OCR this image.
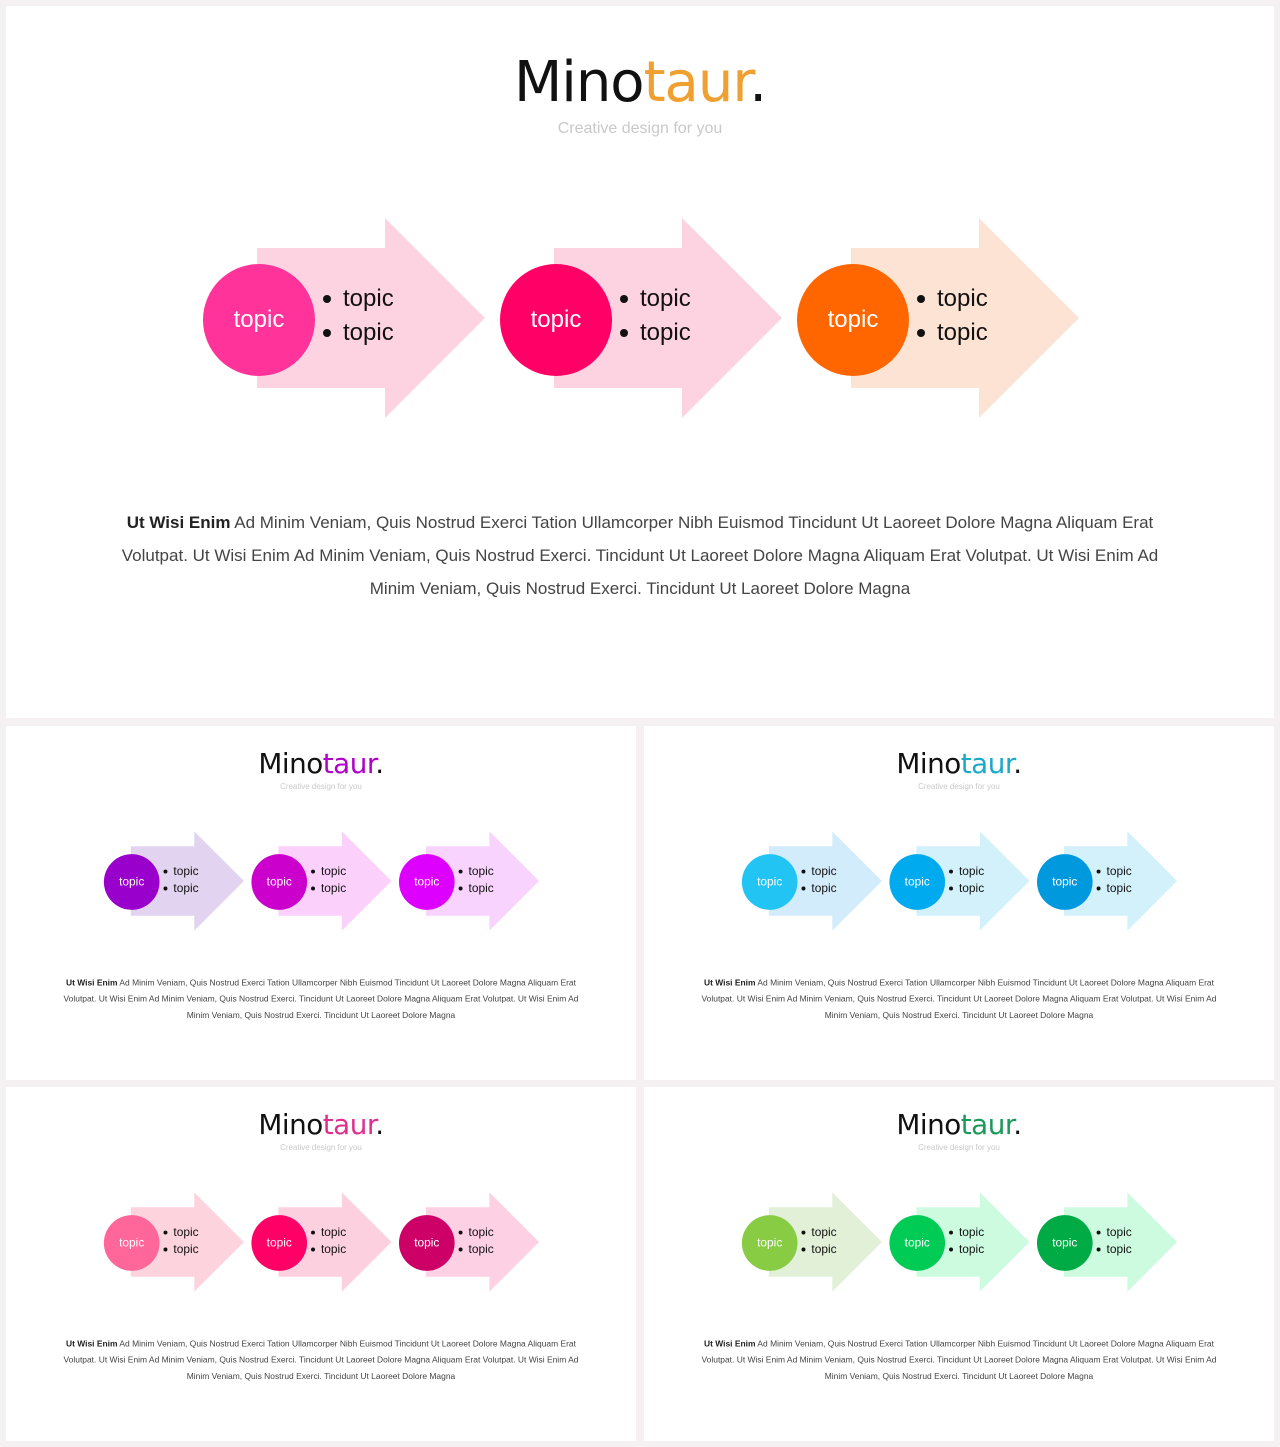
Minotaur.
Creative design for you
topic
topic
topic	topic
topic
topic	topic
topic
topic
Ut Wisi Enim Ad Minim Veniam, Quis Nostrud Exerci Tation Ullamcorper Nibh Euismod Tincidunt Ut Laoreet Dolore Magna Aliquam Erat Volutpat. Ut Wisi Enim Ad Minim Veniam, Quis Nostrud Exerci. Tincidunt Ut Laoreet Dolore Magna Aliquam Erat Volutpat. Ut Wisi Enim Ad Minim Veniam, Quis Nostrud Exerci. Tincidunt Ut Laoreet Dolore Magna
Minotaur.
Creative design for you
topic
topic
topic	topic
topic
topic	topic
topic
topic
Ut Wisi Enim Ad Minim Veniam, Quis Nostrud Exerci Tation Ullamcorper Nibh Euismod Tincidunt Ut Laoreet Dolore Magna Aliquam Erat Volutpat. Ut Wisi Enim Ad Minim Veniam, Quis Nostrud Exerci. Tincidunt Ut Laoreet Dolore Magna Aliquam Erat Volutpat. Ut Wisi Enim Ad Minim Veniam, Quis Nostrud Exerci. Tincidunt Ut Laoreet Dolore Magna
Minotaur.
Creative design for you
topic
topic
topic	topic
topic
topic	topic
topic
topic
Ut Wisi Enim Ad Minim Veniam, Quis Nostrud Exerci Tation Ullamcorper Nibh Euismod Tincidunt Ut Laoreet Dolore Magna Aliquam Erat Volutpat. Ut Wisi Enim Ad Minim Veniam, Quis Nostrud Exerci. Tincidunt Ut Laoreet Dolore Magna Aliquam Erat Volutpat. Ut Wisi Enim Ad Minim Veniam, Quis Nostrud Exerci. Tincidunt Ut Laoreet Dolore Magna
Minotaur.
Creative design for you
topic
topic
topic	topic
topic
topic	topic
topic
topic
Ut Wisi Enim Ad Minim Veniam, Quis Nostrud Exerci Tation Ullamcorper Nibh Euismod Tincidunt Ut Laoreet Dolore Magna Aliquam Erat Volutpat. Ut Wisi Enim Ad Minim Veniam, Quis Nostrud Exerci. Tincidunt Ut Laoreet Dolore Magna Aliquam Erat Volutpat. Ut Wisi Enim Ad Minim Veniam, Quis Nostrud Exerci. Tincidunt Ut Laoreet Dolore Magna
Minotaur.
Creative design for you
topic
topic
topic	topic
topic
topic	topic
topic
topic
Ut Wisi Enim Ad Minim Veniam, Quis Nostrud Exerci Tation Ullamcorper Nibh Euismod Tincidunt Ut Laoreet Dolore Magna Aliquam Erat Volutpat. Ut Wisi Enim Ad Minim Veniam, Quis Nostrud Exerci. Tincidunt Ut Laoreet Dolore Magna Aliquam Erat Volutpat. Ut Wisi Enim Ad Minim Veniam, Quis Nostrud Exerci. Tincidunt Ut Laoreet Dolore Magna
